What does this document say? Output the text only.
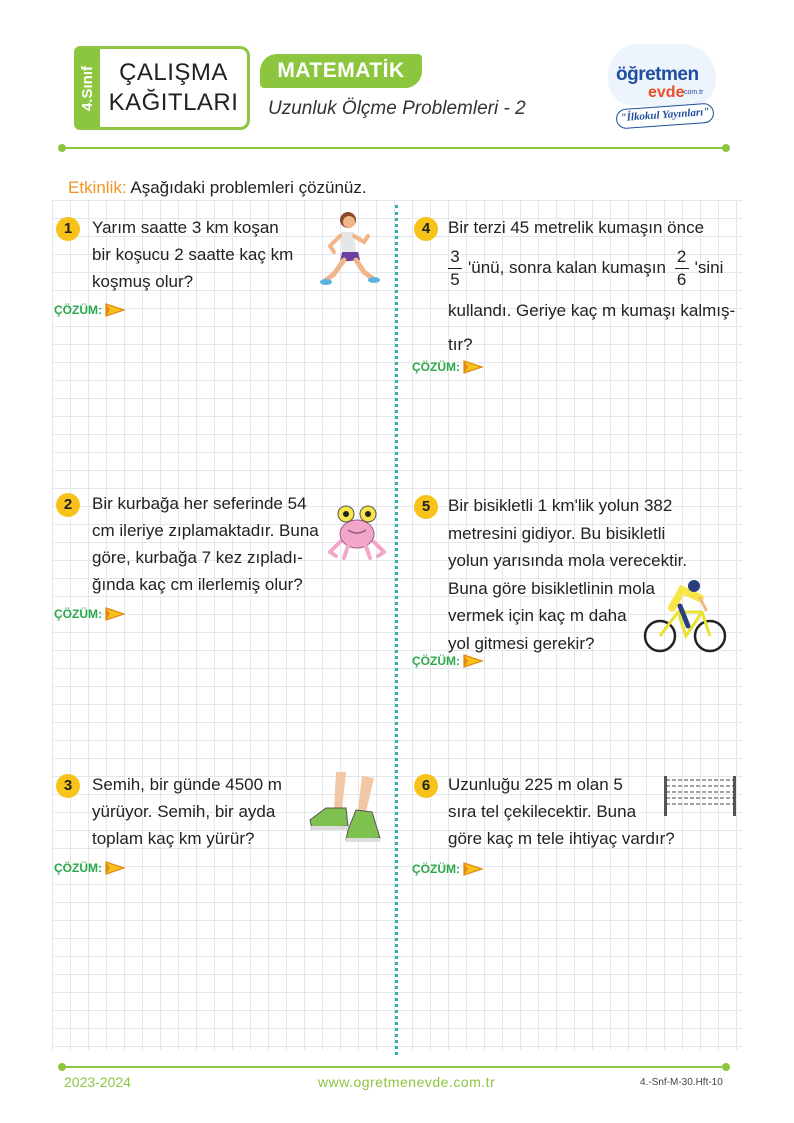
4.Sınıf ÇALIŞMA
KAĞITLARI
MATEMATİK
Uzunluk Ölçme Problemleri - 2
öğretmen
evde
.com.tr
"İlkokul Yayınları"
Etkinlik: Aşağıdaki problemleri çözünüz.
1	Yarım saatte 3 km koşan
bir koşucu 2 saatte kaç km
koşmuş olur?
ÇÖZÜM:
2	Bir kurbağa her seferinde 54
cm ileriye zıplamaktadır. Buna
göre, kurbağa 7 kez zıpladı-
ğında kaç cm ilerlemiş olur?
ÇÖZÜM:
3	Semih, bir günde 4500 m
yürüyor. Semih, bir ayda
toplam kaç km yürür?
ÇÖZÜM:
4	Bir terzi 45 metrelik kumaşın önce
$\frac{3}{5}$ 'ünü, sonra kalan kumaşın $\frac{2}{6}$ 'sini
kullandı. Geriye kaç m kumaşı kalmış-
tır?
ÇÖZÜM:
5	Bir bisikletli 1 km'lik yolun 382
metresini gidiyor. Bu bisikletli
yolun yarısında mola verecektir.
Buna göre bisikletlinin mola
vermek için kaç m daha
yol gitmesi gerekir?
ÇÖZÜM:
6	Uzunluğu 225 m olan 5
sıra tel çekilecektir. Buna
göre kaç m tele ihtiyaç vardır?
ÇÖZÜM:
2023-2024	www.ogretmenevde.com.tr	4.-Snf-M-30.Hft-10
